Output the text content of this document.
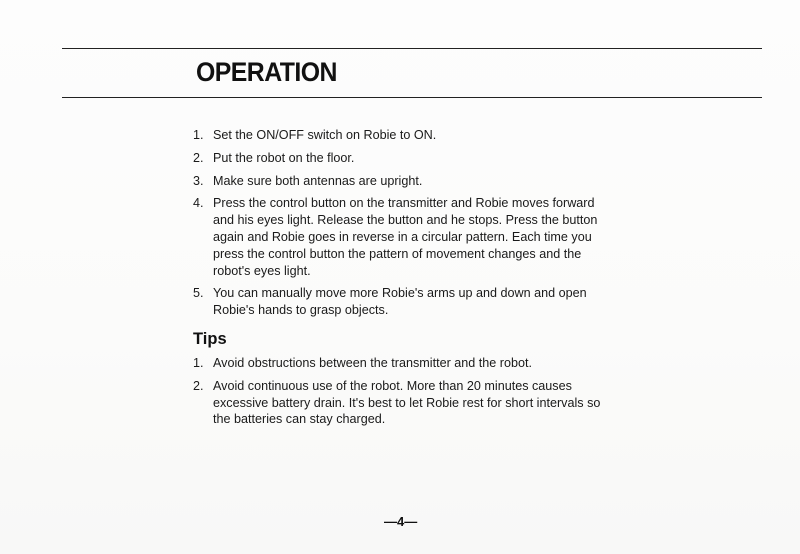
OPERATION
1. Set the ON/OFF switch on Robie to ON.
2. Put the robot on the floor.
3. Make sure both antennas are upright.
4. Press the control button on the transmitter and Robie moves forward and his eyes light. Release the button and he stops. Press the button again and Robie goes in reverse in a circular pattern. Each time you press the control button the pattern of movement changes and the robot's eyes light.
5. You can manually move more Robie's arms up and down and open Robie's hands to grasp objects.
Tips
1. Avoid obstructions between the transmitter and the robot.
2. Avoid continuous use of the robot. More than 20 minutes causes excessive battery drain. It's best to let Robie rest for short intervals so the batteries can stay charged.
—4—
